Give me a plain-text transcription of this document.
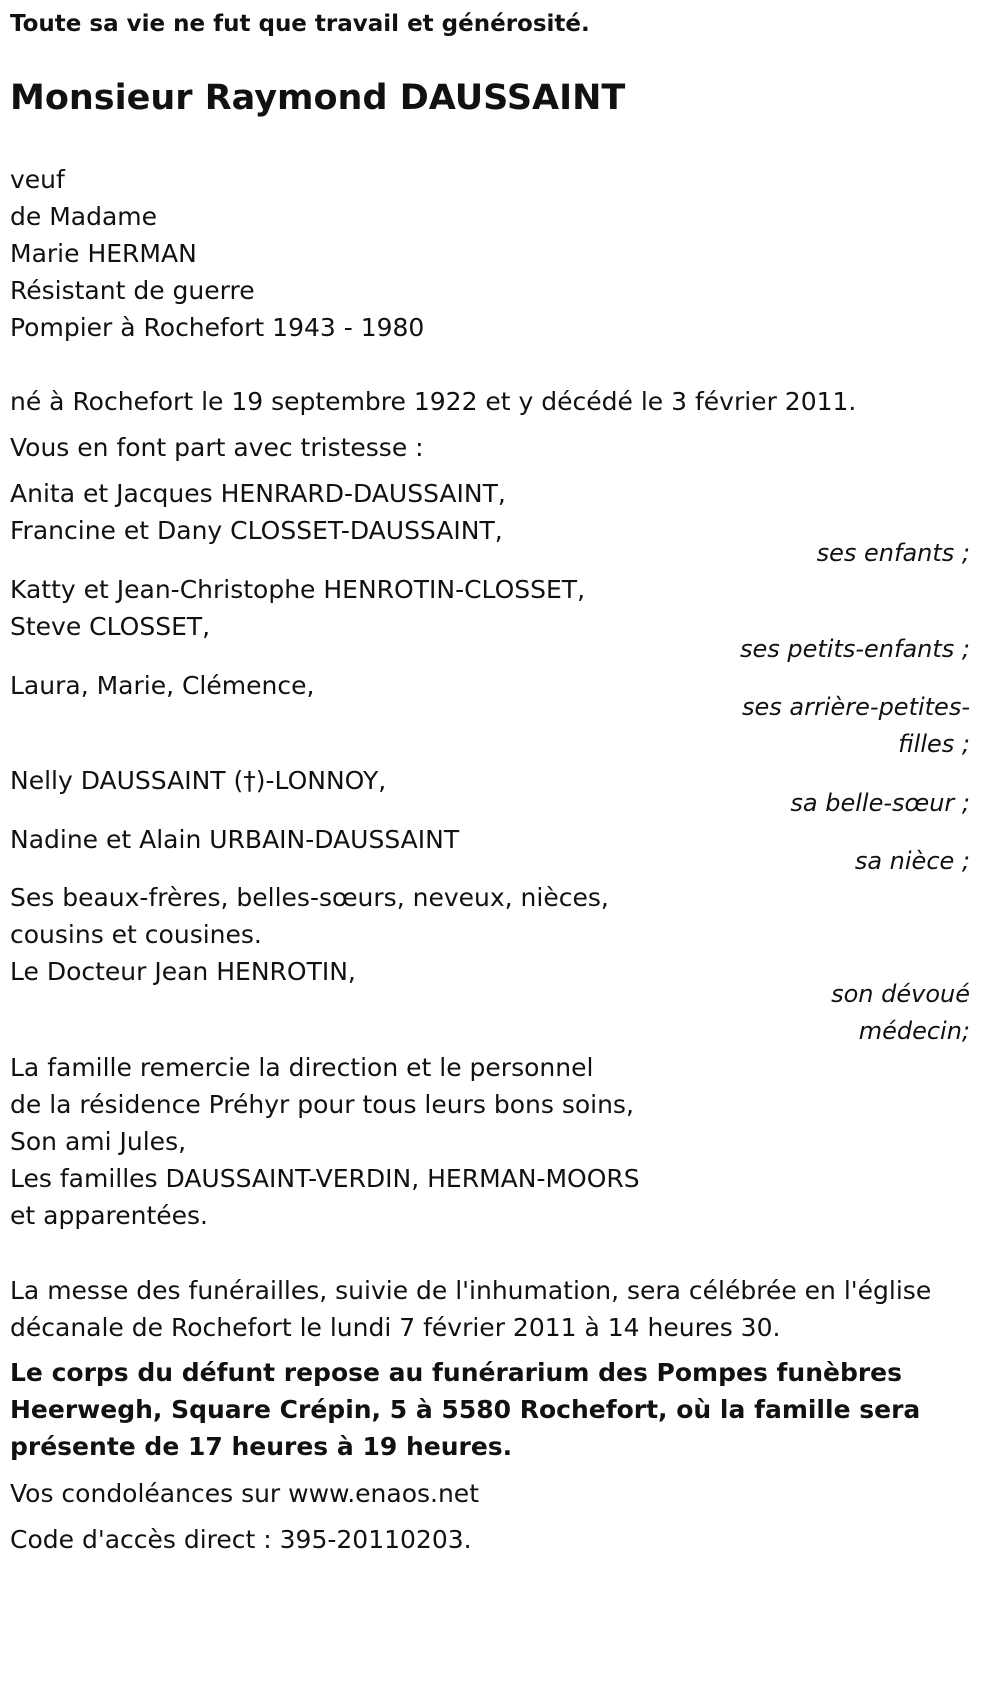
Toute sa vie ne fut que travail et générosité.
Monsieur Raymond DAUSSAINT
veuf
de Madame
Marie HERMAN
Résistant de guerre
Pompier à Rochefort 1943 - 1980
né à Rochefort le 19 septembre 1922 et y décédé le 3 février 2011.
Vous en font part avec tristesse :
Anita et Jacques HENRARD-DAUSSAINT,
Francine et Dany CLOSSET-DAUSSAINT,
ses enfants ;
Katty et Jean-Christophe HENROTIN-CLOSSET,
Steve CLOSSET,
ses petits-enfants ;
Laura, Marie, Clémence,
ses arrière-petites-
filles ;
Nelly DAUSSAINT (†)-LONNOY,
sa belle-sœur ;
Nadine et Alain URBAIN-DAUSSAINT
sa nièce ;
Ses beaux-frères, belles-sœurs, neveux, nièces,
cousins et cousines.
Le Docteur Jean HENROTIN,
son dévoué
médecin;
La famille remercie la direction et le personnel
de la résidence Préhyr pour tous leurs bons soins,
Son ami Jules,
Les familles DAUSSAINT-VERDIN, HERMAN-MOORS
et apparentées.
La messe des funérailles, suivie de l'inhumation, sera célébrée en l'église
décanale de Rochefort le lundi 7 février 2011 à 14 heures 30.
Le corps du défunt repose au funérarium des Pompes funèbres
Heerwegh, Square Crépin, 5 à 5580 Rochefort, où la famille sera
présente de 17 heures à 19 heures.
Vos condoléances sur www.enaos.net
Code d'accès direct : 395-20110203.
